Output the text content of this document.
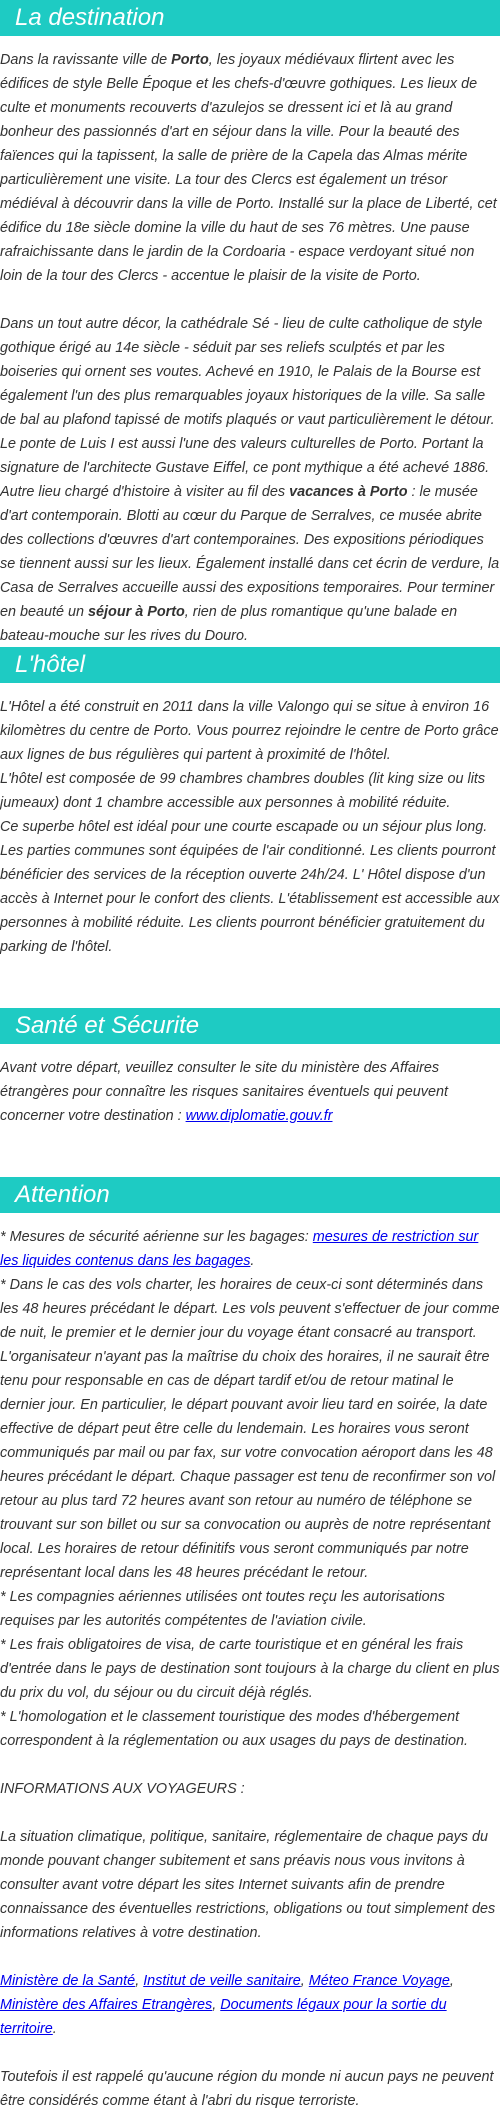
La destination

Dans la ravissante ville de Porto, les joyaux médiévaux flirtent avec les édifices de style Belle Époque et les chefs-d'œuvre gothiques. Les lieux de culte et monuments recouverts d'azulejos se dressent ici et là au grand bonheur des passionnés d'art en séjour dans la ville. Pour la beauté des faïences qui la tapissent, la salle de prière de la Capela das Almas mérite particulièrement une visite. La tour des Clercs est également un trésor médiéval à découvrir dans la ville de Porto. Installé sur la place de Liberté, cet édifice du 18e siècle domine la ville du haut de ses 76 mètres. Une pause rafraichissante dans le jardin de la Cordoaria - espace verdoyant situé non loin de la tour des Clercs - accentue le plaisir de la visite de Porto.

Dans un tout autre décor, la cathédrale Sé - lieu de culte catholique de style gothique érigé au 14e siècle - séduit par ses reliefs sculptés et par les boiseries qui ornent ses voutes. Achevé en 1910, le Palais de la Bourse est également l'un des plus remarquables joyaux historiques de la ville. Sa salle de bal au plafond tapissé de motifs plaqués or vaut particulièrement le détour. Le ponte de Luis I est aussi l'une des valeurs culturelles de Porto. Portant la signature de l'architecte Gustave Eiffel, ce pont mythique a été achevé 1886. Autre lieu chargé d'histoire à visiter au fil des vacances à Porto : le musée d'art contemporain. Blotti au cœur du Parque de Serralves, ce musée abrite des collections d'œuvres d'art contemporaines. Des expositions périodiques se tiennent aussi sur les lieux. Également installé dans cet écrin de verdure, la Casa de Serralves accueille aussi des expositions temporaires. Pour terminer en beauté un séjour à Porto, rien de plus romantique qu'une balade en bateau-mouche sur les rives du Douro.

L'hôtel

L'Hôtel a été construit en 2011 dans la ville Valongo qui se situe à environ 16 kilomètres du centre de Porto. Vous pourrez rejoindre le centre de Porto grâce aux lignes de bus régulières qui partent à proximité de l'hôtel.

L'hôtel est composée de 99 chambres chambres doubles (lit king size ou lits jumeaux) dont 1 chambre accessible aux personnes à mobilité réduite.

Ce superbe hôtel est idéal pour une courte escapade ou un séjour plus long. Les parties communes sont équipées de l'air conditionné. Les clients pourront bénéficier des services de la réception ouverte 24h/24. L' Hôtel dispose d'un accès à Internet pour le confort des clients. L'établissement est accessible aux personnes à mobilité réduite. Les clients pourront bénéficier gratuitement du parking de l'hôtel.

Santé et Sécurite

Avant votre départ, veuillez consulter le site du ministère des Affaires étrangères pour connaître les risques sanitaires éventuels qui peuvent concerner votre destination : www.diplomatie.gouv.fr

Attention

* Mesures de sécurité aérienne sur les bagages: mesures de restriction sur les liquides contenus dans les bagages.

* Dans le cas des vols charter, les horaires de ceux-ci sont déterminés dans les 48 heures précédant le départ. Les vols peuvent s'effectuer de jour comme de nuit, le premier et le dernier jour du voyage étant consacré au transport. L'organisateur n'ayant pas la maîtrise du choix des horaires, il ne saurait être tenu pour responsable en cas de départ tardif et/ou de retour matinal le dernier jour. En particulier, le départ pouvant avoir lieu tard en soirée, la date effective de départ peut être celle du lendemain. Les horaires vous seront communiqués par mail ou par fax, sur votre convocation aéroport dans les 48 heures précédant le départ. Chaque passager est tenu de reconfirmer son vol retour au plus tard 72 heures avant son retour au numéro de téléphone se trouvant sur son billet ou sur sa convocation ou auprès de notre représentant local. Les horaires de retour définitifs vous seront communiqués par notre représentant local dans les 48 heures précédant le retour.

* Les compagnies aériennes utilisées ont toutes reçu les autorisations requises par les autorités compétentes de l'aviation civile.

* Les frais obligatoires de visa, de carte touristique et en général les frais d'entrée dans le pays de destination sont toujours à la charge du client en plus du prix du vol, du séjour ou du circuit déjà réglés.

* L'homologation et le classement touristique des modes d'hébergement correspondent à la réglementation ou aux usages du pays de destination.

INFORMATIONS AUX VOYAGEURS :

La situation climatique, politique, sanitaire, réglementaire de chaque pays du monde pouvant changer subitement et sans préavis nous vous invitons à consulter avant votre départ les sites Internet suivants afin de prendre connaissance des éventuelles restrictions, obligations ou tout simplement des informations relatives à votre destination.

Ministère de la Santé, Institut de veille sanitaire, Méteo France Voyage, Ministère des Affaires Etrangères, Documents légaux pour la sortie du territoire.

Toutefois il est rappelé qu'aucune région du monde ni aucun pays ne peuvent être considérés comme étant à l'abri du risque terroriste.
